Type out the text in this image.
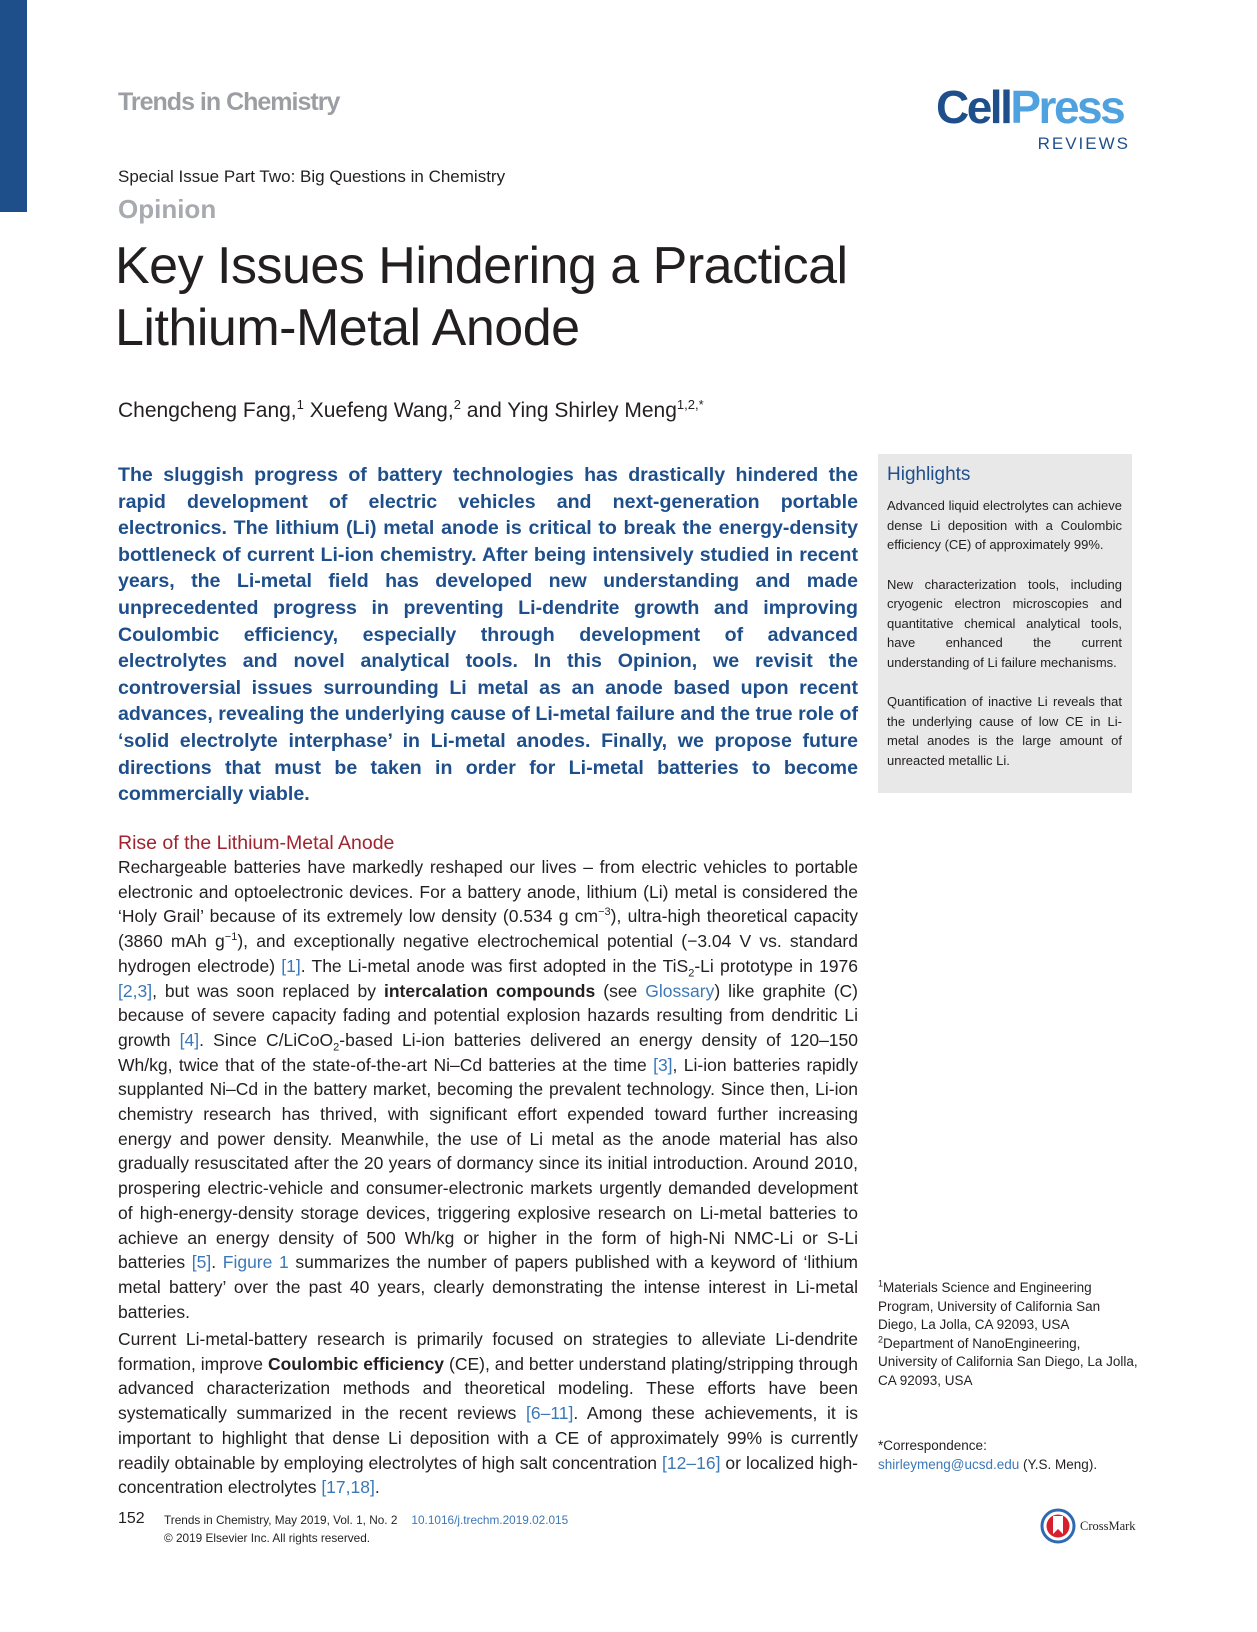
Trends in Chemistry	CellPress
REVIEWS
Special Issue Part Two: Big Questions in Chemistry
Opinion
Key Issues Hindering a Practical
Lithium-Metal Anode
Chengcheng Fang,$^1$ Xuefeng Wang,$^2$ and Ying Shirley Meng$^{1,2,*}$

The sluggish progress of battery technologies has drastically hindered the rapid development of electric vehicles and next-generation portable electronics. The lithium (Li) metal anode is critical to break the energy-density bottleneck of current Li-ion chemistry. After being intensively studied in recent years, the Li-metal field has developed new understanding and made unprecedented progress in preventing Li-dendrite growth and improving Coulombic efficiency, especially through development of advanced electrolytes and novel analytical tools. In this Opinion, we revisit the controversial issues surrounding Li metal as an anode based upon recent advances, revealing the underlying cause of Li-metal failure and the true role of ‘solid electrolyte interphase’ in Li-metal anodes. Finally, we propose future directions that must be taken in order for Li-metal batteries to become commercially viable.

Highlights

Advanced liquid electrolytes can achieve dense Li deposition with a Coulombic efficiency (CE) of approximately 99%.

New characterization tools, including cryogenic electron microscopies and quantitative chemical analytical tools, have enhanced the current understanding of Li failure mechanisms.

Quantification of inactive Li reveals that the underlying cause of low CE in Li-metal anodes is the large amount of unreacted metallic Li.

Rise of the Lithium-Metal Anode

Rechargeable batteries have markedly reshaped our lives – from electric vehicles to portable electronic and optoelectronic devices. For a battery anode, lithium (Li) metal is considered the ‘Holy Grail’ because of its extremely low density (0.534 g $cm^{-3}$), ultra-high theoretical capacity (3860 mAh $g^{-1}$), and exceptionally negative electrochemical potential (−3.04 V vs. standard hydrogen electrode) [1]. The Li-metal anode was first adopted in the TiS$_2$-Li prototype in 1976 [2,3], but was soon replaced by intercalation compounds (see Glossary) like graphite (C) because of severe capacity fading and potential explosion hazards resulting from dendritic Li growth [4]. Since C/LiCoO$_2$-based Li-ion batteries delivered an energy density of 120–150 Wh/kg, twice that of the state-of-the-art Ni–Cd batteries at the time [3], Li-ion batteries rapidly supplanted Ni–Cd in the battery market, becoming the prevalent technology. Since then, Li-ion chemistry research has thrived, with significant effort expended toward further increasing energy and power density. Meanwhile, the use of Li metal as the anode material has also gradually resuscitated after the 20 years of dormancy since its initial introduction. Around 2010, prospering electric-vehicle and consumer-electronic markets urgently demanded development of high-energy-density storage devices, triggering explosive research on Li-metal batteries to achieve an energy density of 500 Wh/kg or higher in the form of high-Ni NMC-Li or S-Li batteries [5]. Figure 1 summarizes the number of papers published with a keyword of ‘lithium metal battery’ over the past 40 years, clearly demonstrating the intense interest in Li-metal batteries.

Current Li-metal-battery research is primarily focused on strategies to alleviate Li-dendrite formation, improve Coulombic efficiency (CE), and better understand plating/stripping through advanced characterization methods and theoretical modeling. These efforts have been systematically summarized in the recent reviews [6–11]. Among these achievements, it is important to highlight that dense Li deposition with a CE of approximately 99% is currently readily obtainable by employing electrolytes of high salt concentration [12–16] or localized high-concentration electrolytes [17,18].

$^1$Materials Science and Engineering Program, University of California San Diego, La Jolla, CA 92093, USA
$^2$Department of NanoEngineering, University of California San Diego, La Jolla, CA 92093, USA
*Correspondence:
shirleymeng@ucsd.edu (Y.S. Meng).
152 Trends in Chemistry, May 2019, Vol. 1, No. 2 10.1016/j.trechm.2019.02.015
© 2019 Elsevier Inc. All rights reserved.
CrossMark
